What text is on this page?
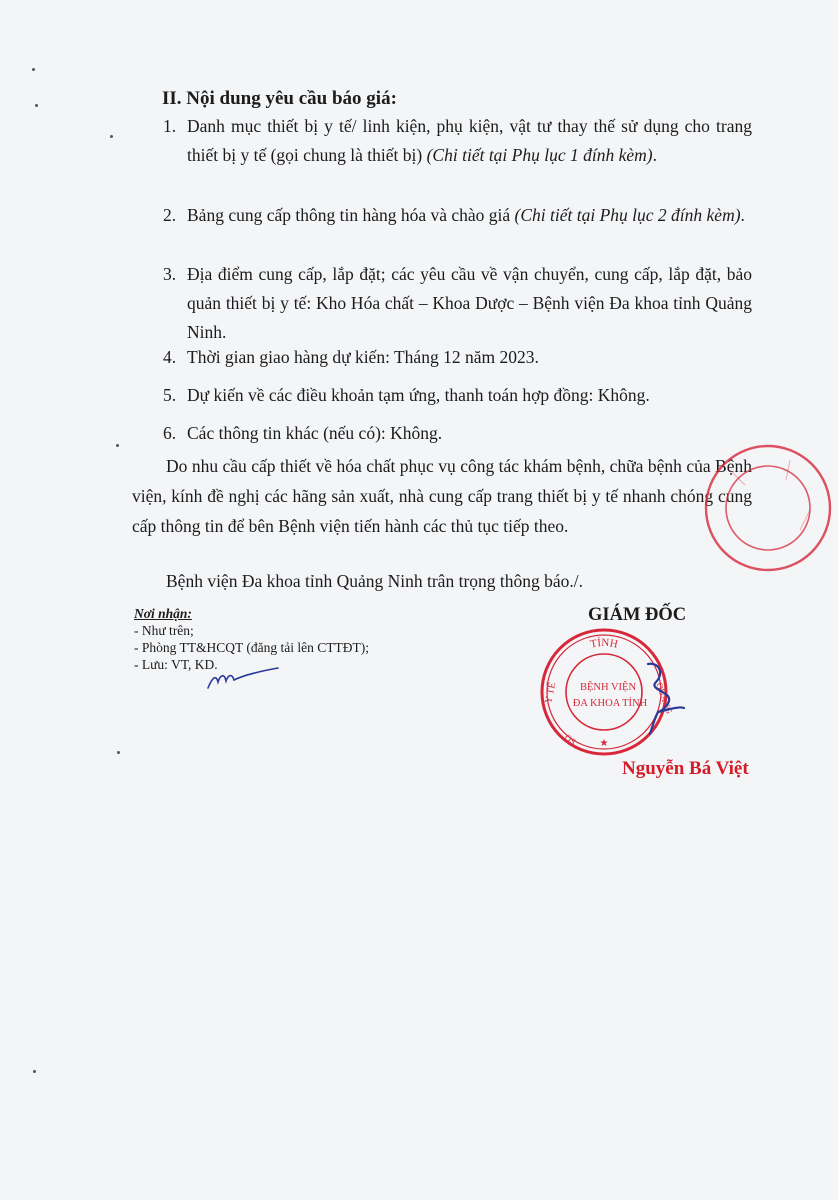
II. Nội dung yêu cầu báo giá:
1. Danh mục thiết bị y tế/ linh kiện, phụ kiện, vật tư thay thế sử dụng cho trang thiết bị y tế (gọi chung là thiết bị) (Chi tiết tại Phụ lục 1 đính kèm).
2. Bảng cung cấp thông tin hàng hóa và chào giá (Chi tiết tại Phụ lục 2 đính kèm).
3. Địa điểm cung cấp, lắp đặt; các yêu cầu về vận chuyển, cung cấp, lắp đặt, bảo quản thiết bị y tế: Kho Hóa chất – Khoa Dược – Bệnh viện Đa khoa tỉnh Quảng Ninh.
4. Thời gian giao hàng dự kiến: Tháng 12 năm 2023.
5. Dự kiến về các điều khoản tạm ứng, thanh toán hợp đồng: Không.
6. Các thông tin khác (nếu có): Không.

Do nhu cầu cấp thiết về hóa chất phục vụ công tác khám bệnh, chữa bệnh của Bệnh viện, kính đề nghị các hãng sản xuất, nhà cung cấp trang thiết bị y tế nhanh chóng cung cấp thông tin để bên Bệnh viện tiến hành các thủ tục tiếp theo.

Bệnh viện Đa khoa tỉnh Quảng Ninh trân trọng thông báo./.

Nơi nhận:
- Như trên;
- Phòng TT&HCQT (đăng tải lên CTTĐT);
- Lưu: VT, KD.
GIÁM ĐỐC
TỈNH
QUẢNG
Y TẾ
QS ★
BỆNH VIỆN
ĐA KHOA TỈNH
Nguyễn Bá Việt
